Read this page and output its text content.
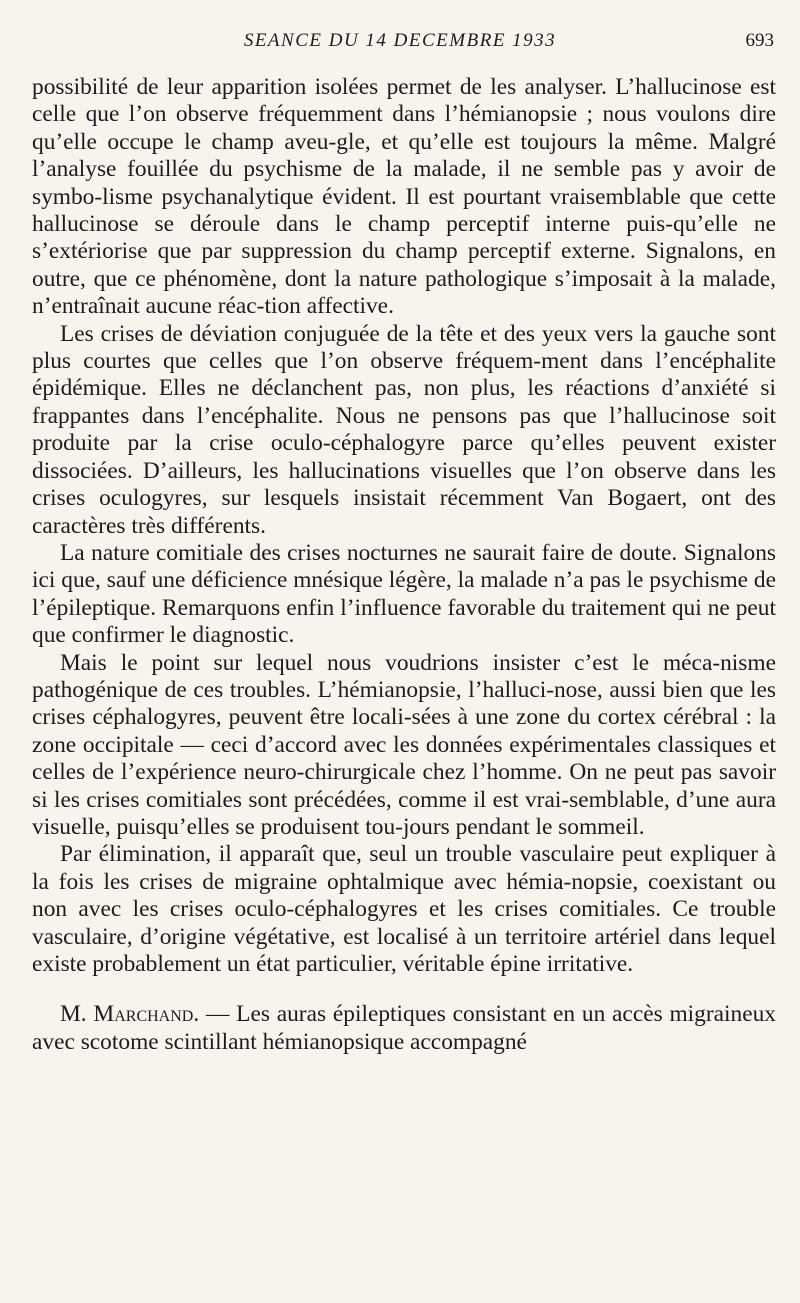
SEANCE DU 14 DECEMBRE 1933	693

possibilité de leur apparition isolées permet de les analyser. L’hallucinose est celle que l’on observe fréquemment dans l’hémianopsie ; nous voulons dire qu’elle occupe le champ aveu-gle, et qu’elle est toujours la même. Malgré l’analyse fouillée du psychisme de la malade, il ne semble pas y avoir de symbo-lisme psychanalytique évident. Il est pourtant vraisemblable que cette hallucinose se déroule dans le champ perceptif interne puis-qu’elle ne s’extériorise que par suppression du champ perceptif externe. Signalons, en outre, que ce phénomène, dont la nature pathologique s’imposait à la malade, n’entraînait aucune réac-tion affective.

Les crises de déviation conjuguée de la tête et des yeux vers la gauche sont plus courtes que celles que l’on observe fréquem-ment dans l’encéphalite épidémique. Elles ne déclanchent pas, non plus, les réactions d’anxiété si frappantes dans l’encéphalite. Nous ne pensons pas que l’hallucinose soit produite par la crise oculo-céphalogyre parce qu’elles peuvent exister dissociées. D’ailleurs, les hallucinations visuelles que l’on observe dans les crises oculogyres, sur lesquels insistait récemment Van Bogaert, ont des caractères très différents.

La nature comitiale des crises nocturnes ne saurait faire de doute. Signalons ici que, sauf une déficience mnésique légère, la malade n’a pas le psychisme de l’épileptique. Remarquons enfin l’influence favorable du traitement qui ne peut que confirmer le diagnostic.

Mais le point sur lequel nous voudrions insister c’est le méca-nisme pathogénique de ces troubles. L’hémianopsie, l’halluci-nose, aussi bien que les crises céphalogyres, peuvent être locali-sées à une zone du cortex cérébral : la zone occipitale — ceci d’accord avec les données expérimentales classiques et celles de l’expérience neuro-chirurgicale chez l’homme. On ne peut pas savoir si les crises comitiales sont précédées, comme il est vrai-semblable, d’une aura visuelle, puisqu’elles se produisent tou-jours pendant le sommeil.

Par élimination, il apparaît que, seul un trouble vasculaire peut expliquer à la fois les crises de migraine ophtalmique avec hémia-nopsie, coexistant ou non avec les crises oculo-céphalogyres et les crises comitiales. Ce trouble vasculaire, d’origine végétative, est localisé à un territoire artériel dans lequel existe probablement un état particulier, véritable épine irritative.

M. Marchand. — Les auras épileptiques consistant en un accès migraineux avec scotome scintillant hémianopsique accompagné
